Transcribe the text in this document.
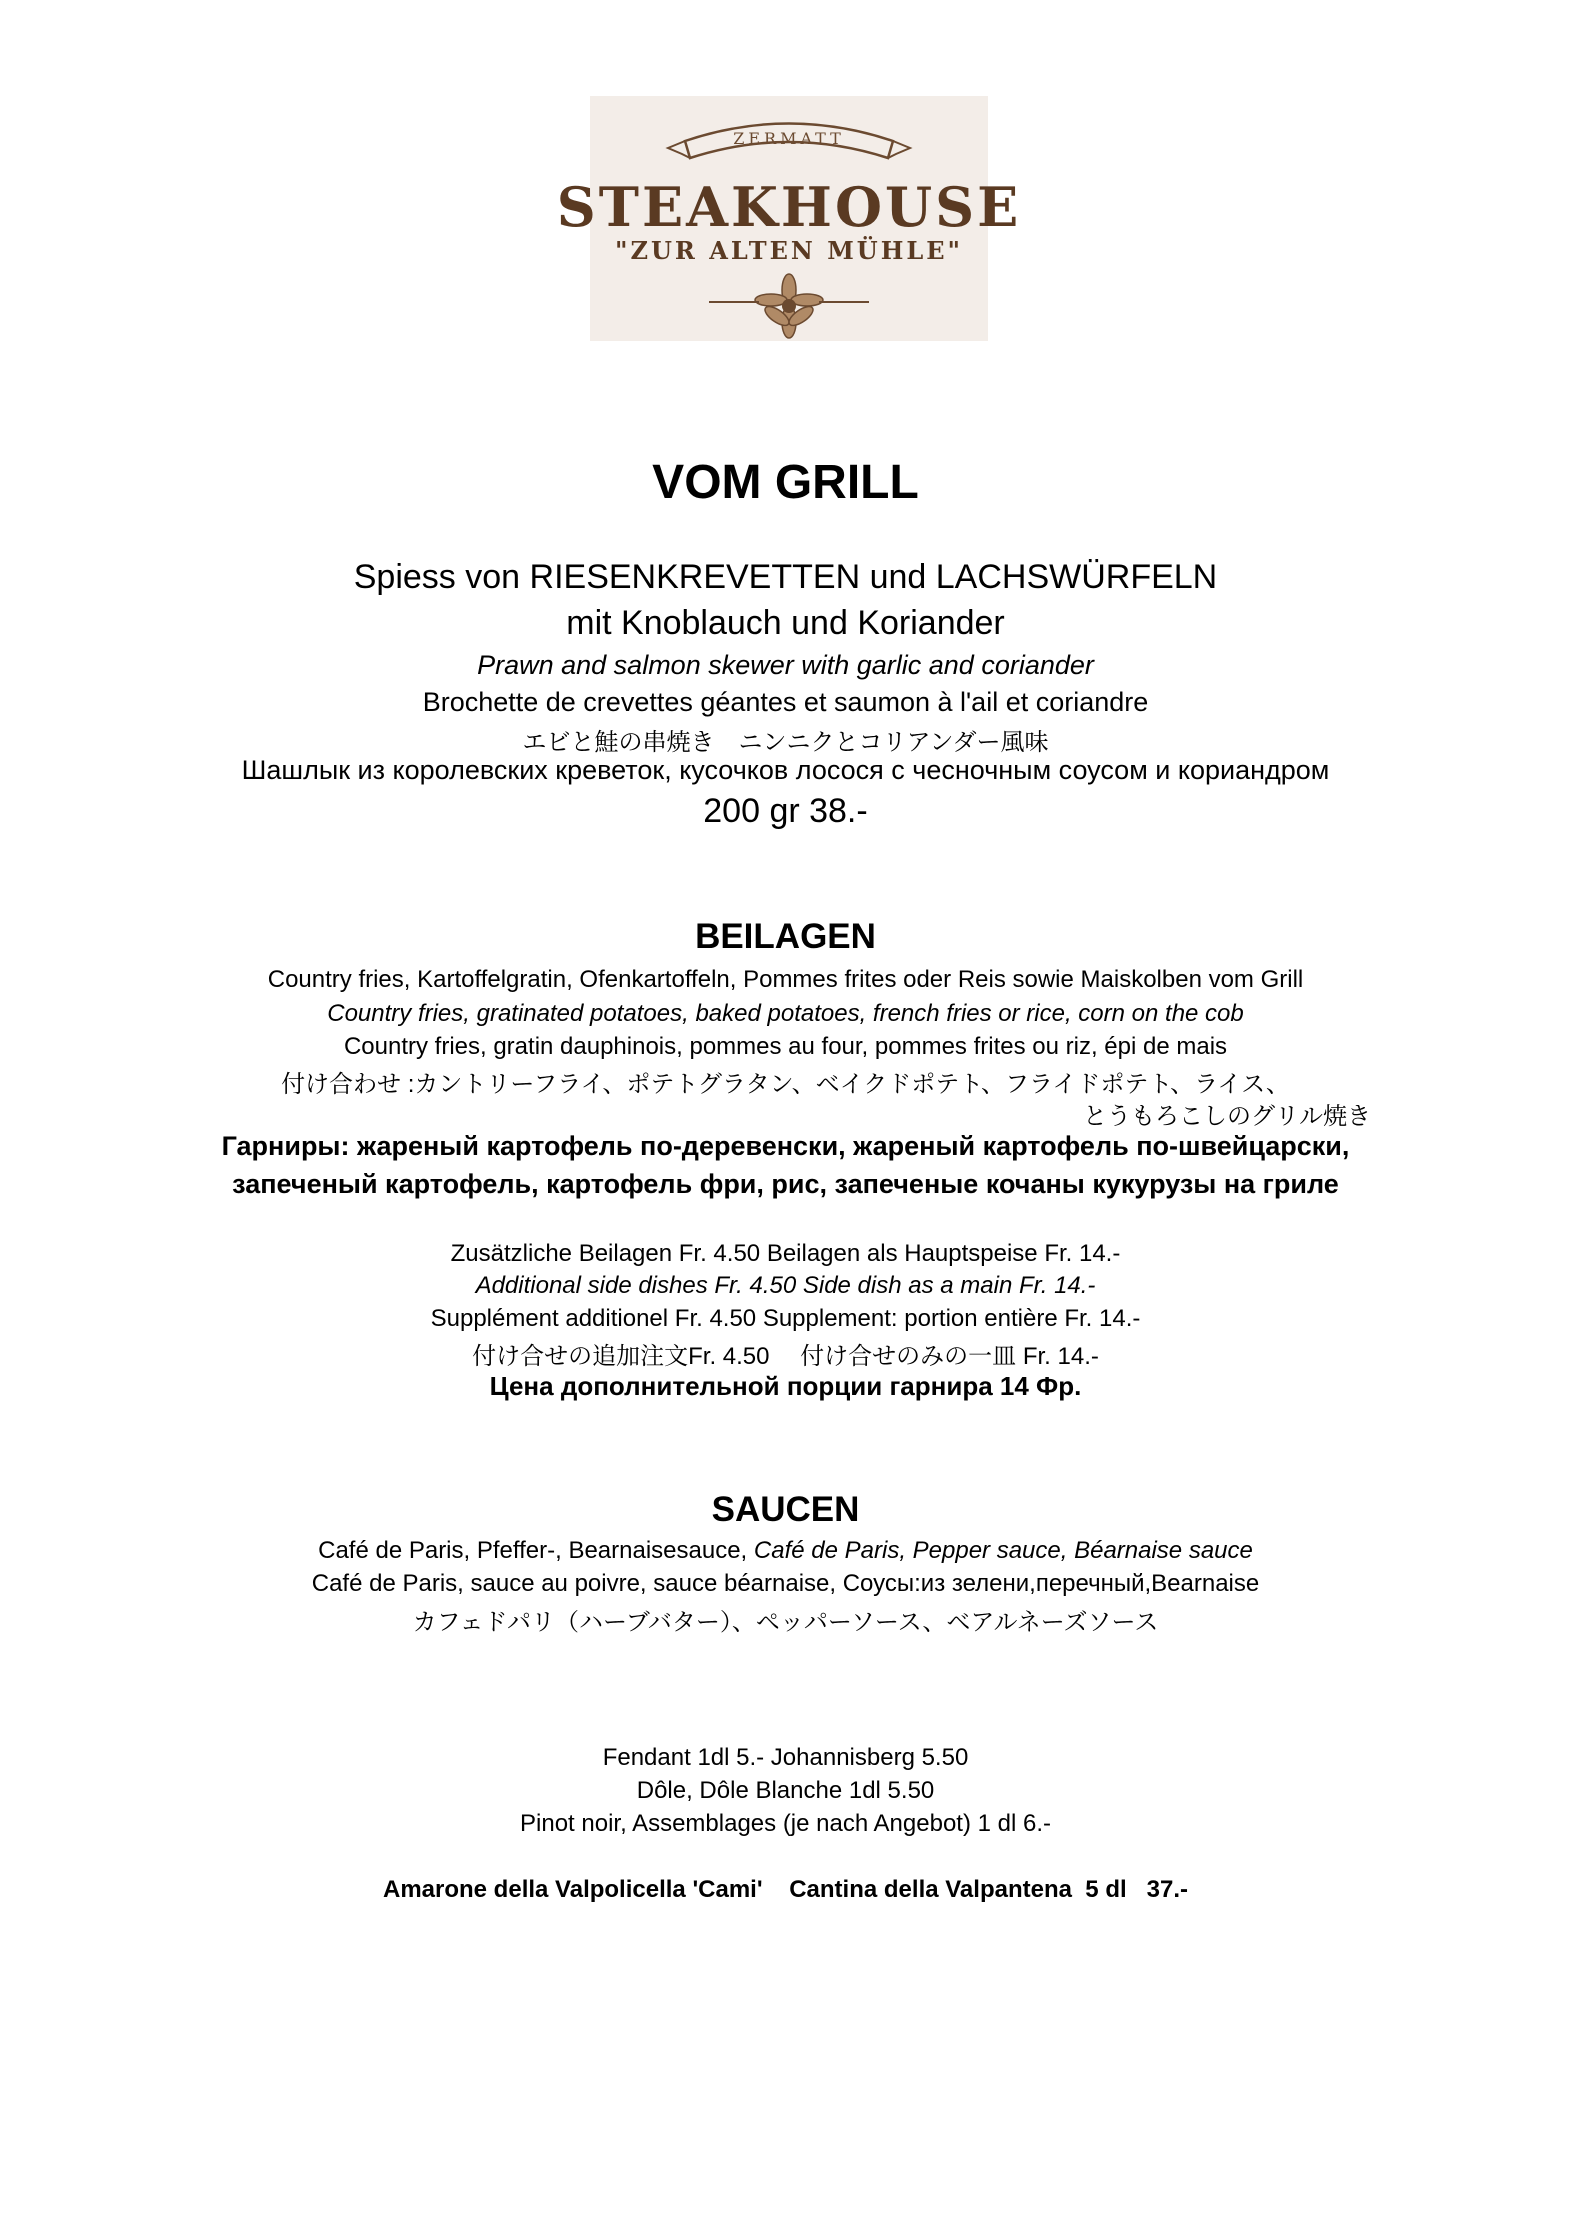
ZERMATT
STEAKHOUSE
"ZUR ALTEN MÜHLE"
VOM GRILL
Spiess von RIESENKREVETTEN und LACHSWÜRFELN
mit Knoblauch und Koriander
Prawn and salmon skewer with garlic and coriander
Brochette de crevettes géantes et saumon à l'ail et coriandre
エビと鮭の串焼き　ニンニクとコリアンダー風味
Шашлык из королевских креветок, кусочков лосося с чесночным соусом и кориандром
200 gr 38.-
BEILAGEN
Country fries, Kartoffelgratin, Ofenkartoffeln, Pommes frites oder Reis sowie Maiskolben vom Grill
Country fries, gratinated potatoes, baked potatoes, french fries or rice, corn on the cob
Country fries, gratin dauphinois, pommes au four, pommes frites ou riz, épi de mais
付け合わせ :カントリーフライ、ポテトグラタン、ベイクドポテト、フライドポテト、ライス、
とうもろこしのグリル焼き
Гарниры: жареный картофель по-деревенски, жареный картофель по-швейцарски,
запеченый картофель, картофель фри, рис, запеченые кочаны кукурузы на гриле
Zusätzliche Beilagen Fr. 4.50 Beilagen als Hauptspeise Fr. 14.-
Additional side dishes Fr. 4.50 Side dish as a main Fr. 14.-
Supplément additionel Fr. 4.50 Supplement: portion entière Fr. 14.-
付け合せの追加注文Fr. 4.50　 付け合せのみの一皿 Fr. 14.-
Цена дополнительной порции гарнира 14 Фр.
SAUCEN
Café de Paris, Pfeffer-, Bearnaisesauce, Café de Paris, Pepper sauce, Béarnaise sauce
Café de Paris, sauce au poivre, sauce béarnaise, Соусы:из зелени,перечный,Bearnaise
カフェドパリ（ハーブバター）、ペッパーソース、ベアルネーズソース
Fendant 1dl 5.- Johannisberg 5.50
Dôle, Dôle Blanche 1dl 5.50
Pinot noir, Assemblages (je nach Angebot) 1 dl 6.-
Amarone della Valpolicella 'Cami'    Cantina della Valpantena  5 dl   37.-
